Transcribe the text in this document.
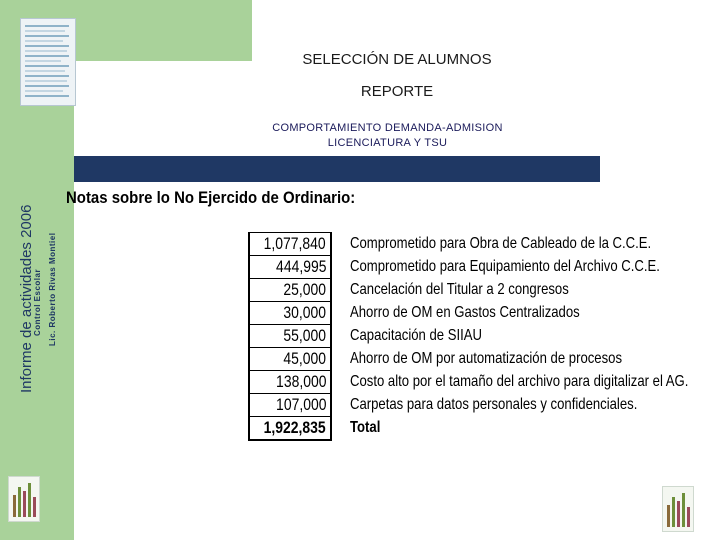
Informe de actividades 2006
Control Escolar Lic. Roberto Rivas Montiel
SELECCIÓN DE ALUMNOS
REPORTE
COMPORTAMIENTO DEMANDA-ADMISION
LICENCIATURA Y TSU
Notas sobre lo No Ejercido de Ordinario:
1,077,840
444,995
25,000
30,000
55,000
45,000
138,000
107,000
1,922,835
Comprometido para Obra de Cableado de la C.C.E.
Comprometido para Equipamiento del Archivo C.C.E.
Cancelación del Titular a 2 congresos
Ahorro de OM en Gastos Centralizados
Capacitación de SIIAU
Ahorro de OM por automatización de procesos
Costo alto por el tamaño del archivo para digitalizar el AG.
Carpetas para datos personales y confidenciales.
Total
